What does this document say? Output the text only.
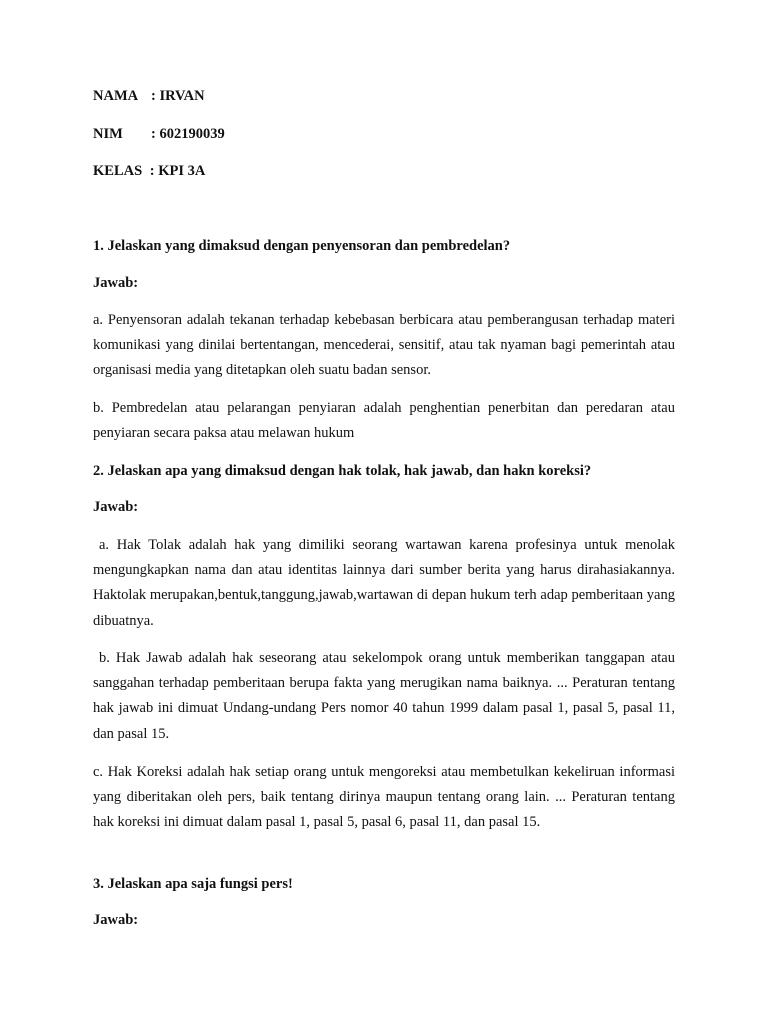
NAMA : IRVAN
NIM : 602190039
KELAS : KPI 3A
1. Jelaskan yang dimaksud dengan penyensoran dan pembredelan?
Jawab:
a. Penyensoran adalah tekanan terhadap kebebasan berbicara atau pemberangusan terhadap materi komunikasi yang dinilai bertentangan, mencederai, sensitif, atau tak nyaman bagi pemerintah atau organisasi media yang ditetapkan oleh suatu badan sensor.
b. Pembredelan atau pelarangan penyiaran adalah penghentian penerbitan dan peredaran atau penyiaran secara paksa atau melawan hukum
2. Jelaskan apa yang dimaksud dengan hak tolak, hak jawab, dan hakn koreksi?
Jawab:
a. Hak Tolak adalah hak yang dimiliki seorang wartawan karena profesinya untuk menolak mengungkapkan nama dan atau identitas lainnya dari sumber berita yang harus dirahasiakannya. Haktolak merupakan,bentuk,tanggung,jawab,wartawan di depan hukum terh adap pemberitaan yang dibuatnya.
b. Hak Jawab adalah hak seseorang atau sekelompok orang untuk memberikan tanggapan atau sanggahan terhadap pemberitaan berupa fakta yang merugikan nama baiknya. ... Peraturan tentang hak jawab ini dimuat Undang-undang Pers nomor 40 tahun 1999 dalam pasal 1, pasal 5, pasal 11, dan pasal 15.
c. Hak Koreksi adalah hak setiap orang untuk mengoreksi atau membetulkan kekeliruan informasi yang diberitakan oleh pers, baik tentang dirinya maupun tentang orang lain. ... Peraturan tentang hak koreksi ini dimuat dalam pasal 1, pasal 5, pasal 6, pasal 11, dan pasal 15.
3. Jelaskan apa saja fungsi pers!
Jawab:
